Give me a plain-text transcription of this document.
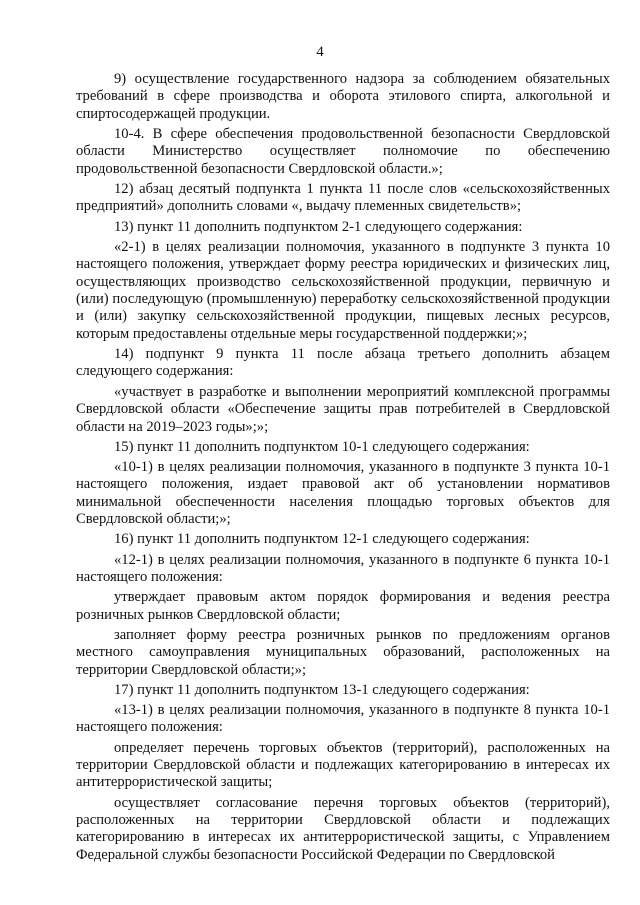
4

9) осуществление государственного надзора за соблюдением обязательных требований в сфере производства и оборота этилового спирта, алкогольной и спиртосодержащей продукции.

10-4. В сфере обеспечения продовольственной безопасности Свердловской области Министерство осуществляет полномочие по обеспечению продовольственной безопасности Свердловской области.»;

12) абзац десятый подпункта 1 пункта 11 после слов «сельскохозяйственных предприятий» дополнить словами «, выдачу племенных свидетельств»;

13) пункт 11 дополнить подпунктом 2-1 следующего содержания:

«2-1) в целях реализации полномочия, указанного в подпункте 3 пункта 10 настоящего положения, утверждает форму реестра юридических и физических лиц, осуществляющих производство сельскохозяйственной продукции, первичную и (или) последующую (промышленную) переработку сельскохозяйственной продукции и (или) закупку сельскохозяйственной продукции, пищевых лесных ресурсов, которым предоставлены отдельные меры государственной поддержки;»;

14) подпункт 9 пункта 11 после абзаца третьего дополнить абзацем следующего содержания:

«участвует в разработке и выполнении мероприятий комплексной программы Свердловской области «Обеспечение защиты прав потребителей в Свердловской области на 2019–2023 годы»;»;

15) пункт 11 дополнить подпунктом 10-1 следующего содержания:

«10-1) в целях реализации полномочия, указанного в подпункте 3 пункта 10-1 настоящего положения, издает правовой акт об установлении нормативов минимальной обеспеченности населения площадью торговых объектов для Свердловской области;»;

16) пункт 11 дополнить подпунктом 12-1 следующего содержания:

«12-1) в целях реализации полномочия, указанного в подпункте 6 пункта 10-1 настоящего положения:

утверждает правовым актом порядок формирования и ведения реестра розничных рынков Свердловской области;

заполняет форму реестра розничных рынков по предложениям органов местного самоуправления муниципальных образований, расположенных на территории Свердловской области;»;

17) пункт 11 дополнить подпунктом 13-1 следующего содержания:

«13-1) в целях реализации полномочия, указанного в подпункте 8 пункта 10-1 настоящего положения:

определяет перечень торговых объектов (территорий), расположенных на территории Свердловской области и подлежащих категорированию в интересах их антитеррористической защиты;

осуществляет согласование перечня торговых объектов (территорий), расположенных на территории Свердловской области и подлежащих категорированию в интересах их антитеррористической защиты, с Управлением Федеральной службы безопасности Российской Федерации по Свердловской
